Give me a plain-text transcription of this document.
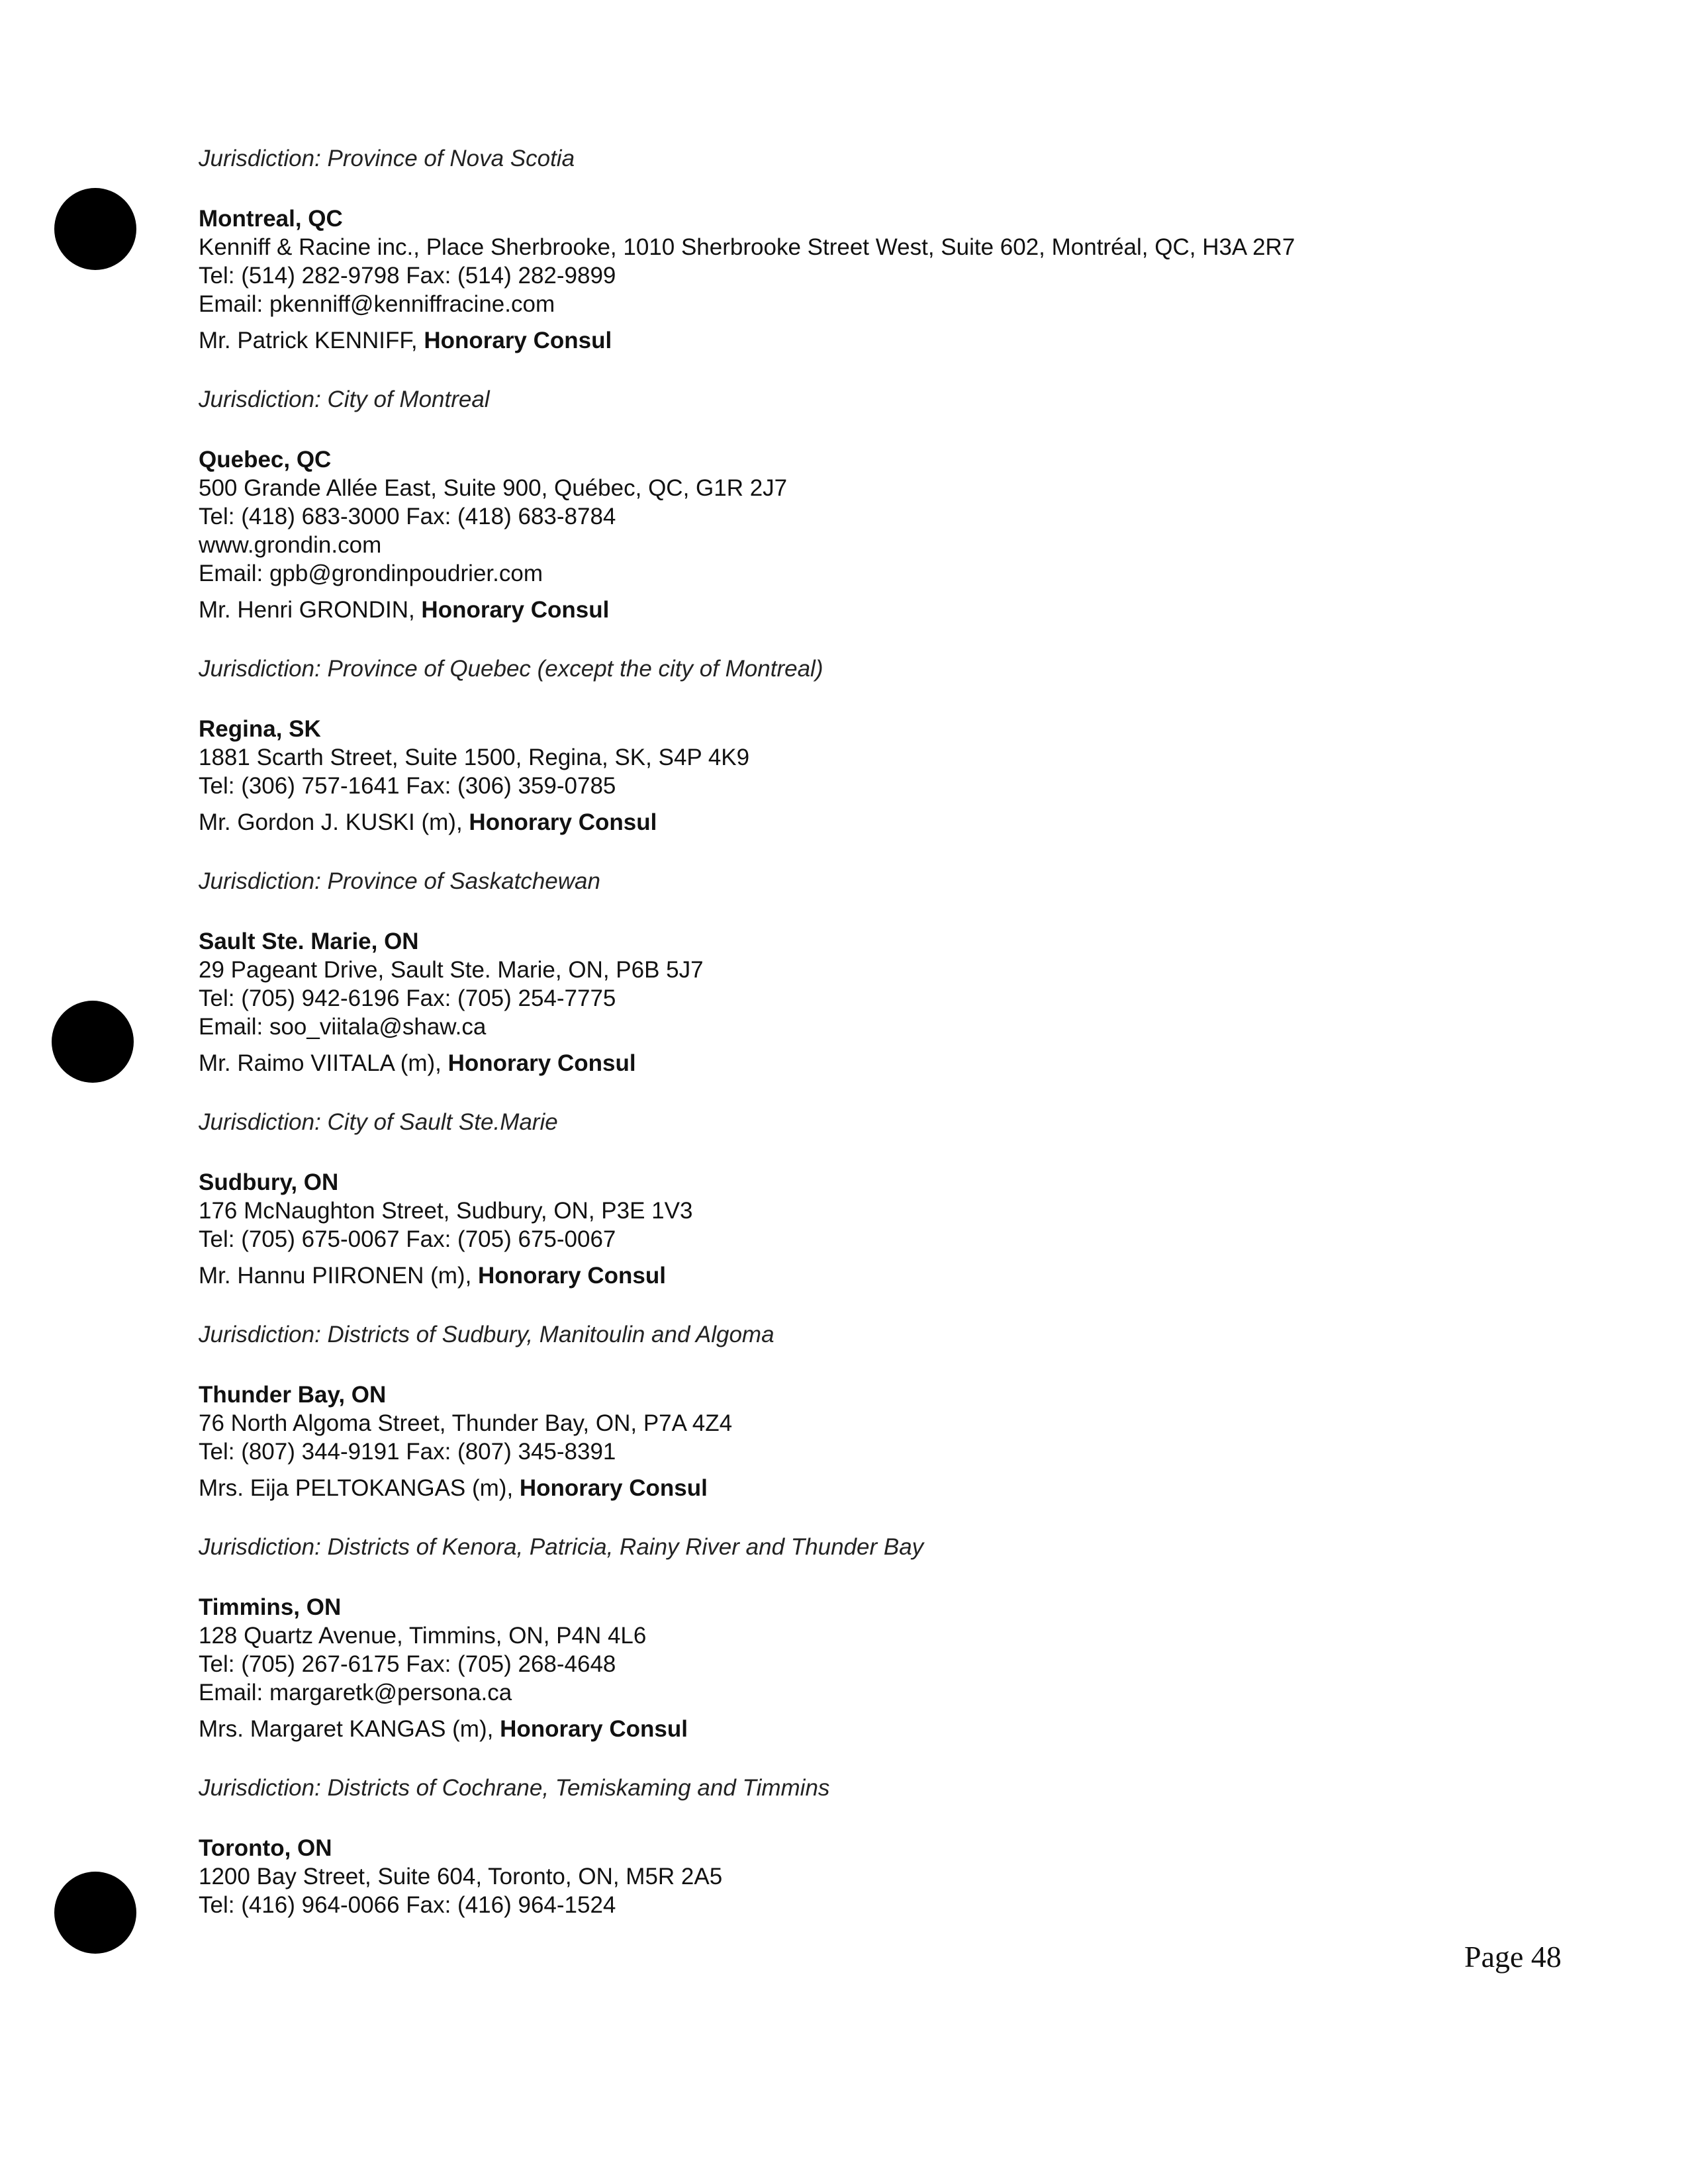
Jurisdiction: Province of Nova Scotia
Montreal, QC
Kenniff & Racine inc., Place Sherbrooke, 1010 Sherbrooke Street West, Suite 602, Montréal, QC, H3A 2R7
Tel: (514) 282-9798 Fax: (514) 282-9899
Email: pkenniff@kenniffracine.com
Mr. Patrick KENNIFF, Honorary Consul
Jurisdiction: City of Montreal
Quebec, QC
500 Grande Allée East, Suite 900, Québec, QC, G1R 2J7
Tel: (418) 683-3000 Fax: (418) 683-8784
www.grondin.com
Email: gpb@grondinpoudrier.com
Mr. Henri GRONDIN, Honorary Consul
Jurisdiction: Province of Quebec (except the city of Montreal)
Regina, SK
1881 Scarth Street, Suite 1500, Regina, SK, S4P 4K9
Tel: (306) 757-1641 Fax: (306) 359-0785
Mr. Gordon J. KUSKI (m), Honorary Consul
Jurisdiction: Province of Saskatchewan
Sault Ste. Marie, ON
29 Pageant Drive, Sault Ste. Marie, ON, P6B 5J7
Tel: (705) 942-6196 Fax: (705) 254-7775
Email: soo_viitala@shaw.ca
Mr. Raimo VIITALA (m), Honorary Consul
Jurisdiction: City of Sault Ste.Marie
Sudbury, ON
176 McNaughton Street, Sudbury, ON, P3E 1V3
Tel: (705) 675-0067 Fax: (705) 675-0067
Mr. Hannu PIIRONEN (m), Honorary Consul
Jurisdiction: Districts of Sudbury, Manitoulin and Algoma
Thunder Bay, ON
76 North Algoma Street, Thunder Bay, ON, P7A 4Z4
Tel: (807) 344-9191 Fax: (807) 345-8391
Mrs. Eija PELTOKANGAS (m), Honorary Consul
Jurisdiction: Districts of Kenora, Patricia, Rainy River and Thunder Bay
Timmins, ON
128 Quartz Avenue, Timmins, ON, P4N 4L6
Tel: (705) 267-6175 Fax: (705) 268-4648
Email: margaretk@persona.ca
Mrs. Margaret KANGAS (m), Honorary Consul
Jurisdiction: Districts of Cochrane, Temiskaming and Timmins
Toronto, ON
1200 Bay Street, Suite 604, Toronto, ON, M5R 2A5
Tel: (416) 964-0066 Fax: (416) 964-1524
Page 48
